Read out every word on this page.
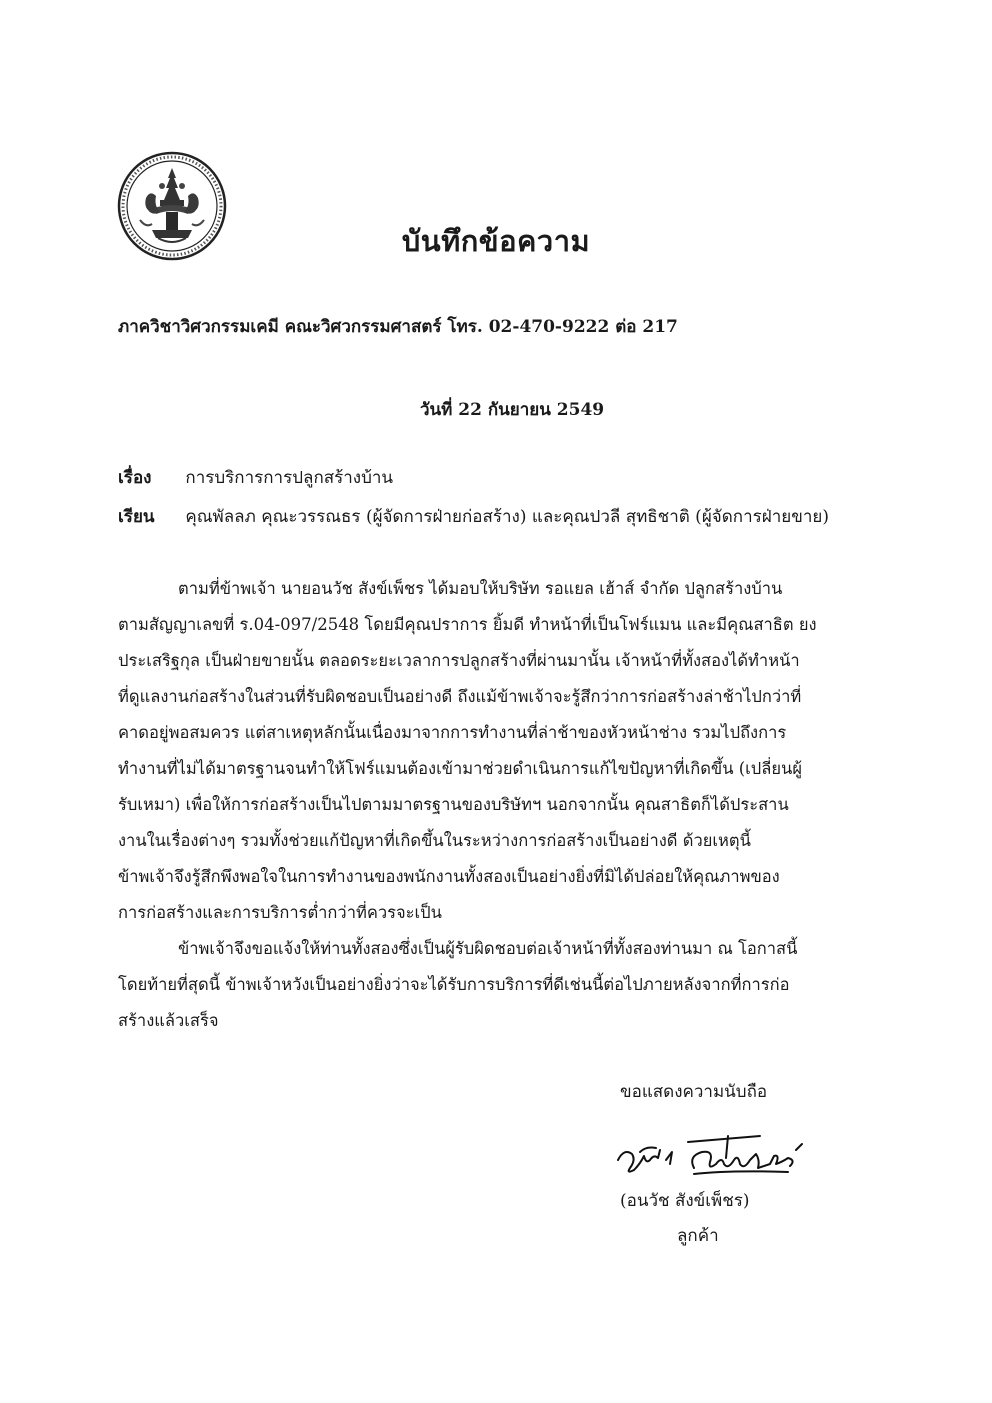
บันทึกข้อความ
ภาควิชาวิศวกรรมเคมี คณะวิศวกรรมศาสตร์ โทร. 02-470-9222 ต่อ 217
วันที่ 22 กันยายน 2549
เรื่อง การบริการการปลูกสร้างบ้าน
เรียน คุณพัลลภ คุณะวรรณธร (ผู้จัดการฝ่ายก่อสร้าง) และคุณปวลี สุทธิชาติ (ผู้จัดการฝ่ายขาย)
ตามที่ข้าพเจ้า นายอนวัช สังข์เพ็ชร ได้มอบให้บริษัท รอแยล เฮ้าส์ จำกัด ปลูกสร้างบ้าน
ตามสัญญาเลขที่ ร.04-097/2548 โดยมีคุณปราการ ยิ้มดี ทำหน้าที่เป็นโฟร์แมน และมีคุณสาธิต ยง
ประเสริฐกุล เป็นฝ่ายขายนั้น ตลอดระยะเวลาการปลูกสร้างที่ผ่านมานั้น เจ้าหน้าที่ทั้งสองได้ทำหน้า
ที่ดูแลงานก่อสร้างในส่วนที่รับผิดชอบเป็นอย่างดี ถึงแม้ข้าพเจ้าจะรู้สึกว่าการก่อสร้างล่าช้าไปกว่าที่
คาดอยู่พอสมควร แต่สาเหตุหลักนั้นเนื่องมาจากการทำงานที่ล่าช้าของหัวหน้าช่าง รวมไปถึงการ
ทำงานที่ไม่ได้มาตรฐานจนทำให้โฟร์แมนต้องเข้ามาช่วยดำเนินการแก้ไขปัญหาที่เกิดขึ้น (เปลี่ยนผู้
รับเหมา) เพื่อให้การก่อสร้างเป็นไปตามมาตรฐานของบริษัทฯ นอกจากนั้น คุณสาธิตก็ได้ประสาน
งานในเรื่องต่างๆ รวมทั้งช่วยแก้ปัญหาที่เกิดขึ้นในระหว่างการก่อสร้างเป็นอย่างดี ด้วยเหตุนี้
ข้าพเจ้าจึงรู้สึกพึงพอใจในการทำงานของพนักงานทั้งสองเป็นอย่างยิ่งที่มิได้ปล่อยให้คุณภาพของ
การก่อสร้างและการบริการต่ำกว่าที่ควรจะเป็น
ข้าพเจ้าจึงขอแจ้งให้ท่านทั้งสองซึ่งเป็นผู้รับผิดชอบต่อเจ้าหน้าที่ทั้งสองท่านมา ณ โอกาสนี้
โดยท้ายที่สุดนี้ ข้าพเจ้าหวังเป็นอย่างยิ่งว่าจะได้รับการบริการที่ดีเช่นนี้ต่อไปภายหลังจากที่การก่อ
สร้างแล้วเสร็จ
ขอแสดงความนับถือ
(อนวัช สังข์เพ็ชร)
ลูกค้า
